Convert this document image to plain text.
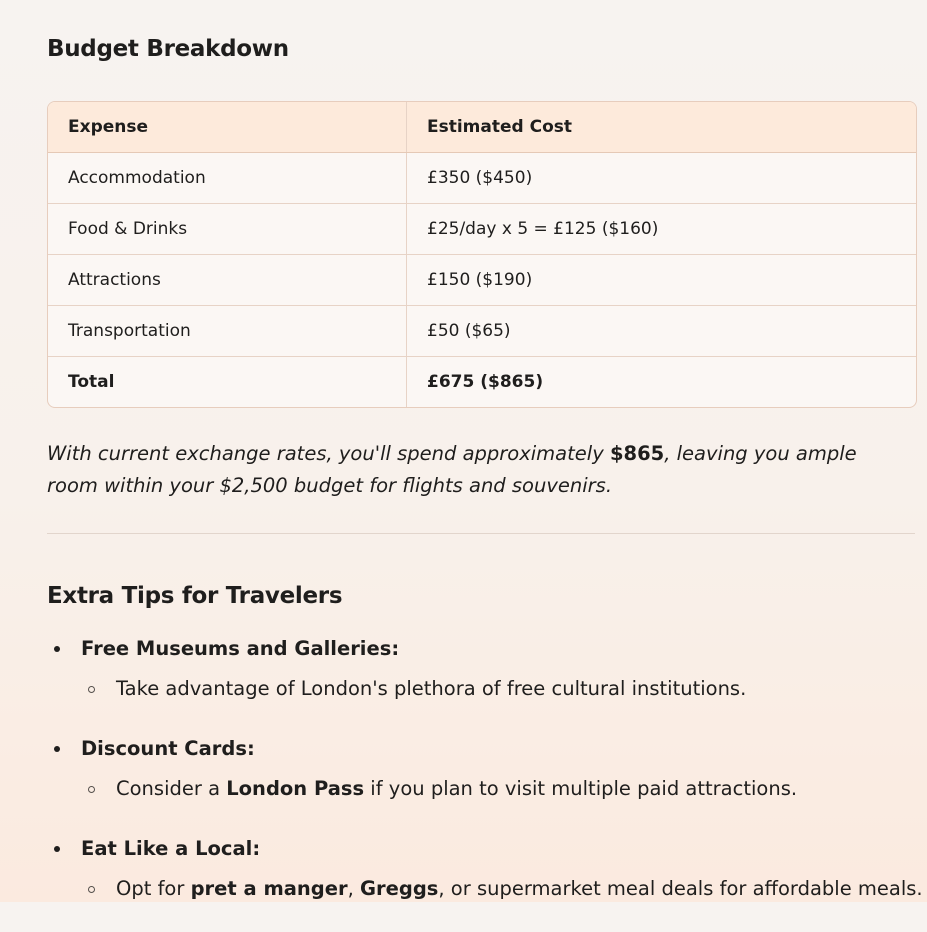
Budget Breakdown
Expense	Estimated Cost
Accommodation	£350 ($450)
Food & Drinks	£25/day x 5 = £125 ($160)
Attractions	£150 ($190)
Transportation	£50 ($65)
Total	£675 ($865)

With current exchange rates, you'll spend approximately $865, leaving you ample room within your $2,500 budget for flights and souvenirs.

Extra Tips for Travelers
Free Museums and Galleries:
Take advantage of London's plethora of free cultural institutions.
Discount Cards:
Consider a London Pass if you plan to visit multiple paid attractions.
Eat Like a Local:
Opt for pret a manger, Greggs, or supermarket meal deals for affordable meals.
